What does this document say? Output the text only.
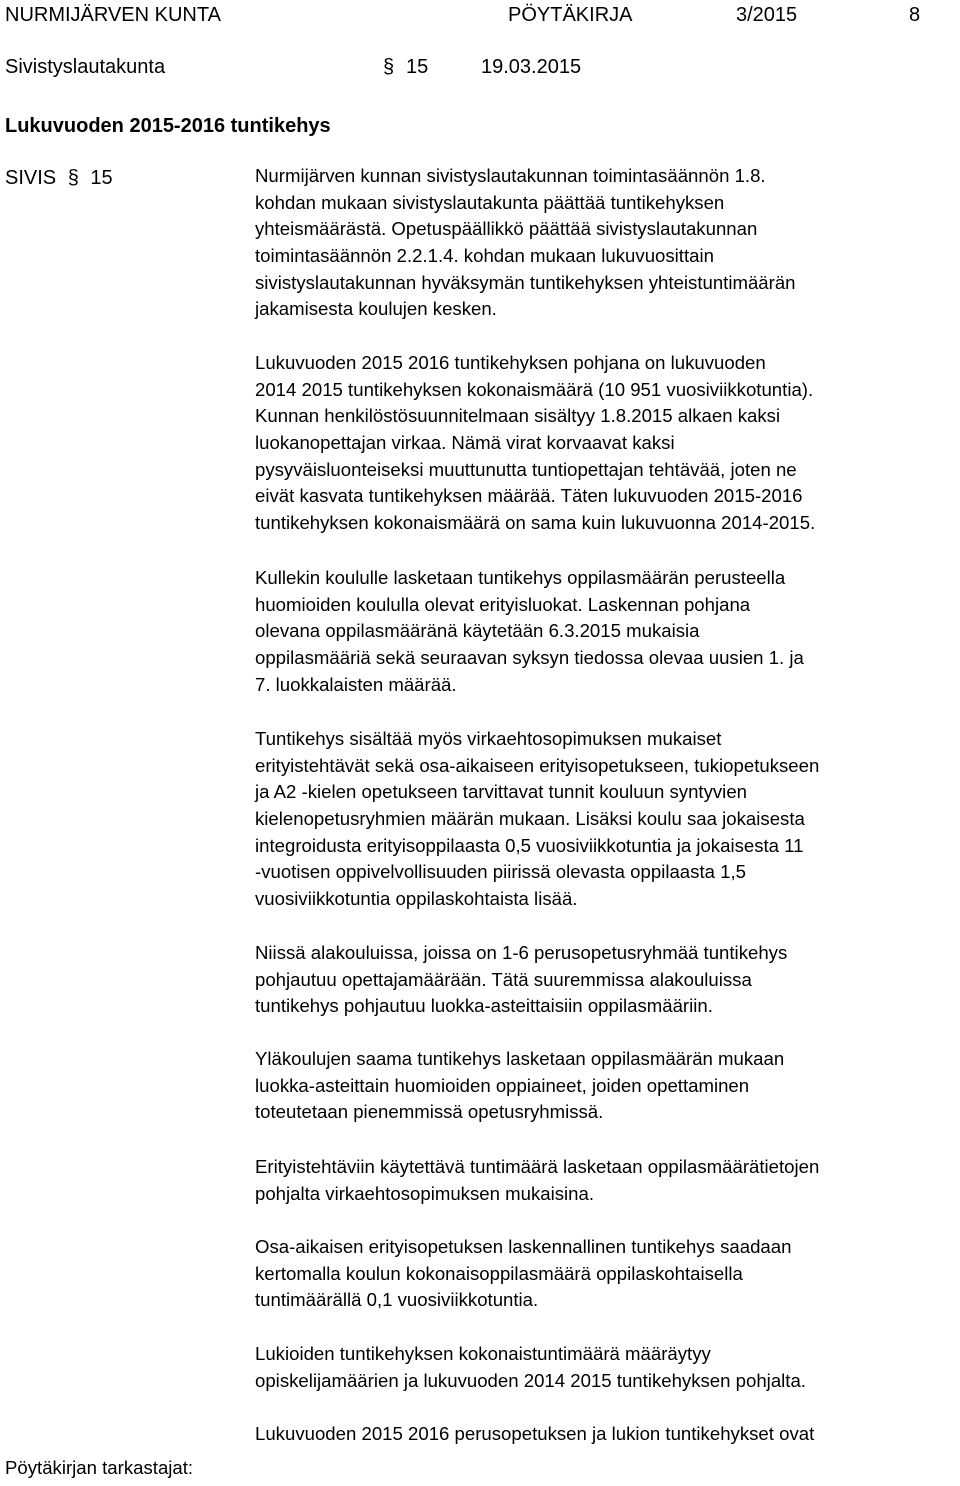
NURMIJÄRVEN KUNTA	PÖYTÄKIRJA	3/2015	8
Sivistyslautakunta	§ 15	19.03.2015
Lukuvuoden 2015-2016 tuntikehys
SIVIS § 15	Nurmijärven kunnan sivistyslautakunnan toimintasäännön 1.8.
kohdan mukaan sivistyslautakunta päättää tuntikehyksen
yhteismäärästä. Opetuspäällikkö päättää sivistyslautakunnan
toimintasäännön 2.2.1.4. kohdan mukaan lukuvuosittain
sivistyslautakunnan hyväksymän tuntikehyksen yhteistuntimäärän
jakamisesta koulujen kesken.
Lukuvuoden 2015 2016 tuntikehyksen pohjana on lukuvuoden
2014 2015 tuntikehyksen kokonaismäärä (10 951 vuosiviikkotuntia).
Kunnan henkilöstösuunnitelmaan sisältyy 1.8.2015 alkaen kaksi
luokanopettajan virkaa. Nämä virat korvaavat kaksi
pysyväisluonteiseksi muuttunutta tuntiopettajan tehtävää, joten ne
eivät kasvata tuntikehyksen määrää. Täten lukuvuoden 2015-2016
tuntikehyksen kokonaismäärä on sama kuin lukuvuonna 2014-2015.
Kullekin koululle lasketaan tuntikehys oppilasmäärän perusteella
huomioiden koululla olevat erityisluokat. Laskennan pohjana
olevana oppilasmääränä käytetään 6.3.2015 mukaisia
oppilasmääriä sekä seuraavan syksyn tiedossa olevaa uusien 1. ja
7. luokkalaisten määrää.
Tuntikehys sisältää myös virkaehtosopimuksen mukaiset
erityistehtävät sekä osa-aikaiseen erityisopetukseen, tukiopetukseen
ja A2 -kielen opetukseen tarvittavat tunnit kouluun syntyvien
kielenopetusryhmien määrän mukaan. Lisäksi koulu saa jokaisesta
integroidusta erityisoppilaasta 0,5 vuosiviikkotuntia ja jokaisesta 11
-vuotisen oppivelvollisuuden piirissä olevasta oppilaasta 1,5
vuosiviikkotuntia oppilaskohtaista lisää.
Niissä alakouluissa, joissa on 1-6 perusopetusryhmää tuntikehys
pohjautuu opettajamäärään. Tätä suuremmissa alakouluissa
tuntikehys pohjautuu luokka-asteittaisiin oppilasmääriin.
Yläkoulujen saama tuntikehys lasketaan oppilasmäärän mukaan
luokka-asteittain huomioiden oppiaineet, joiden opettaminen
toteutetaan pienemmissä opetusryhmissä.
Erityistehtäviin käytettävä tuntimäärä lasketaan oppilasmäärätietojen
pohjalta virkaehtosopimuksen mukaisina.
Osa-aikaisen erityisopetuksen laskennallinen tuntikehys saadaan
kertomalla koulun kokonaisoppilasmäärä oppilaskohtaisella
tuntimäärällä 0,1 vuosiviikkotuntia.
Lukioiden tuntikehyksen kokonaistuntimäärä määräytyy
opiskelijamäärien ja lukuvuoden 2014 2015 tuntikehyksen pohjalta.
Lukuvuoden 2015 2016 perusopetuksen ja lukion tuntikehykset ovat
Pöytäkirjan tarkastajat:
